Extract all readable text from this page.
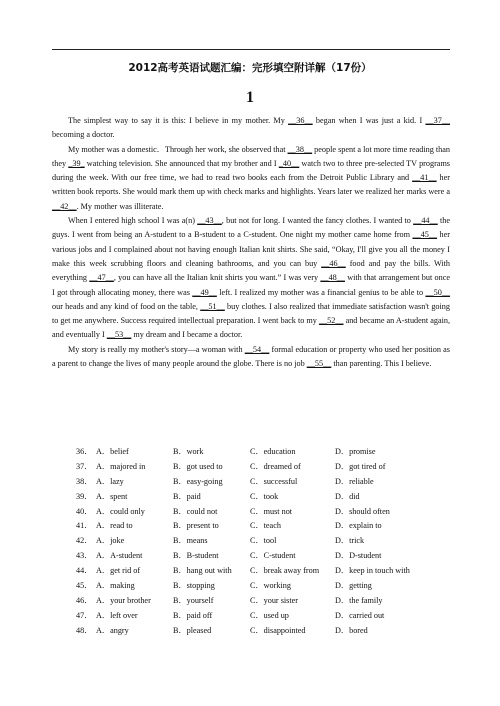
2012高考英语试题汇编：完形填空附详解（17份）
1

The simplest way to say it is this: I believe in my mother. My __36__ began when I was just a kid. I __37__ becoming a doctor.

My mother was a domestic．Through her work, she observed that __38__ people spent a lot more time reading than they _39_ watching television. She announced that my brother and I _40__ watch two to three pre-selected TV programs during the week. With our free time, we had to read two books each from the Detroit Public Library and __41__ her written book reports. She would mark them up with check marks and highlights. Years later we realized her marks were a __42__. My mother was illiterate.

When I entered high school I was a(n) __43__, but not for long. I wanted the fancy clothes. I wanted to __44__ the guys. I went from being an A-student to a B-student to a C-student. One night my mother came home from __45__ her various jobs and I complained about not having enough Italian knit shirts. She said, “Okay, I'll give you all the money I make this week scrubbing floors and cleaning bathrooms, and you can buy __46__ food and pay the bills. With everything __47__, you can have all the Italian knit shirts you want.” I was very __48__ with that arrangement but once I got through allocating money, there was __49__ left. I realized my mother was a financial genius to be able to __50__ our heads and any kind of food on the table, __51__ buy clothes. I also realized that immediate satisfaction wasn't going to get me anywhere. Success required intellectual preparation. I went back to my __52__ and became an A-student again, and eventually I __53__ my dream and I became a doctor.

My story is really my mother's story—a woman with __54__ formal education or property who used her position as a parent to change the lives of many people around the globe. There is no job __55__ than parenting. This I believe.

36． A．belief	B．work	C．education	D．promise
37． A．majored in	B．got used to	C．dreamed of	D．got tired of
38． A．lazy	B．easy-going	C．successful	D．reliable
39． A．spent	B．paid	C．took	D．did
40． A．could only	B．could not	C．must not	D．should often
41． A．read to	B．present to	C．teach	D．explain to
42． A．joke	B．means	C．tool	D．trick
43． A．A-student	B．B-student	C．C-student	D．D-student
44． A．get rid of	B．hang out with	C．break away from	D．keep in touch with
45． A．making	B．stopping	C．working	D．getting
46． A．your brother	B．yourself	C．your sister	D．the family
47． A．left over	B．paid off	C．used up	D．carried out
48． A．angry	B．pleased	C．disappointed	D．bored
